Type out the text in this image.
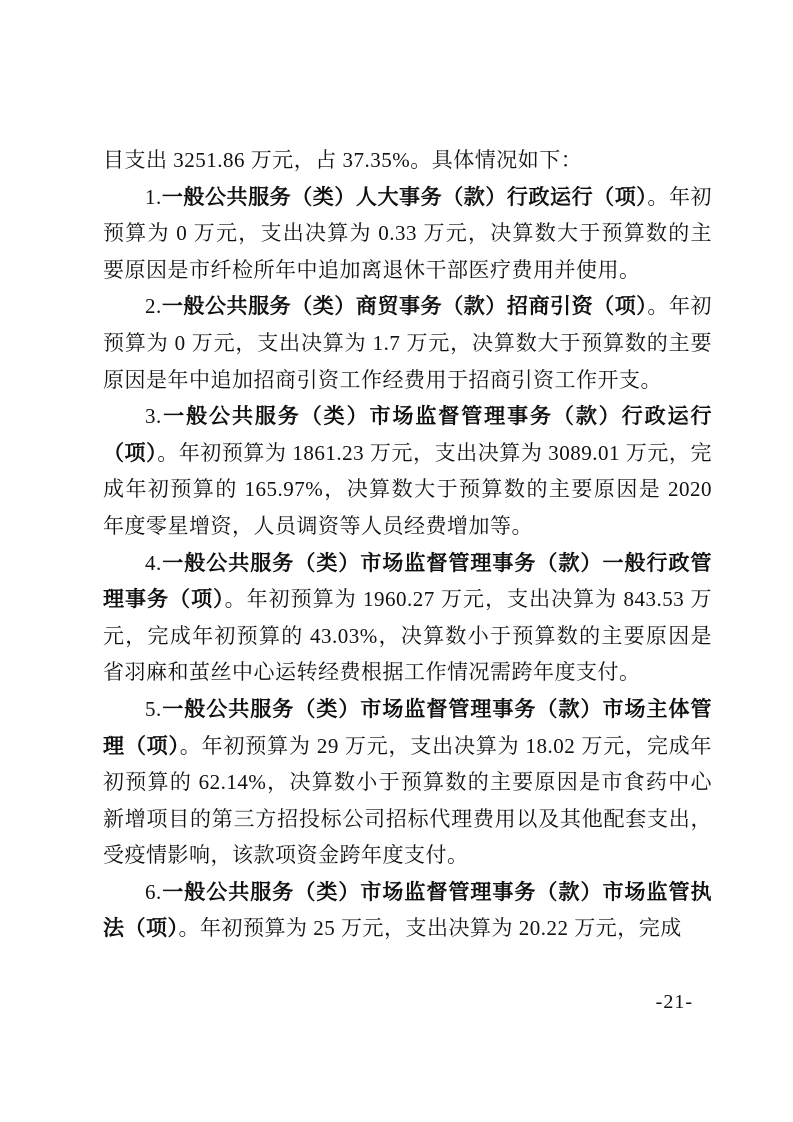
目支出 3251.86 万元，占 37.35%。具体情况如下：

1.一般公共服务（类）人大事务（款）行政运行（项）。年初预算为 0 万元，支出决算为 0.33 万元，决算数大于预算数的主要原因是市纤检所年中追加离退休干部医疗费用并使用。

2.一般公共服务（类）商贸事务（款）招商引资（项）。年初预算为 0 万元，支出决算为 1.7 万元，决算数大于预算数的主要原因是年中追加招商引资工作经费用于招商引资工作开支。

3.一般公共服务（类）市场监督管理事务（款）行政运行（项）。年初预算为 1861.23 万元，支出决算为 3089.01 万元，完成年初预算的 165.97%，决算数大于预算数的主要原因是 2020 年度零星增资，人员调资等人员经费增加等。

4.一般公共服务（类）市场监督管理事务（款）一般行政管理事务（项）。年初预算为 1960.27 万元，支出决算为 843.53 万元，完成年初预算的 43.03%，决算数小于预算数的主要原因是省羽麻和茧丝中心运转经费根据工作情况需跨年度支付。

5.一般公共服务（类）市场监督管理事务（款）市场主体管理（项）。年初预算为 29 万元，支出决算为 18.02 万元，完成年初预算的 62.14%，决算数小于预算数的主要原因是市食药中心新增项目的第三方招投标公司招标代理费用以及其他配套支出，受疫情影响，该款项资金跨年度支付。

6.一般公共服务（类）市场监督管理事务（款）市场监管执法（项）。年初预算为 25 万元，支出决算为 20.22 万元，完成

-21-
